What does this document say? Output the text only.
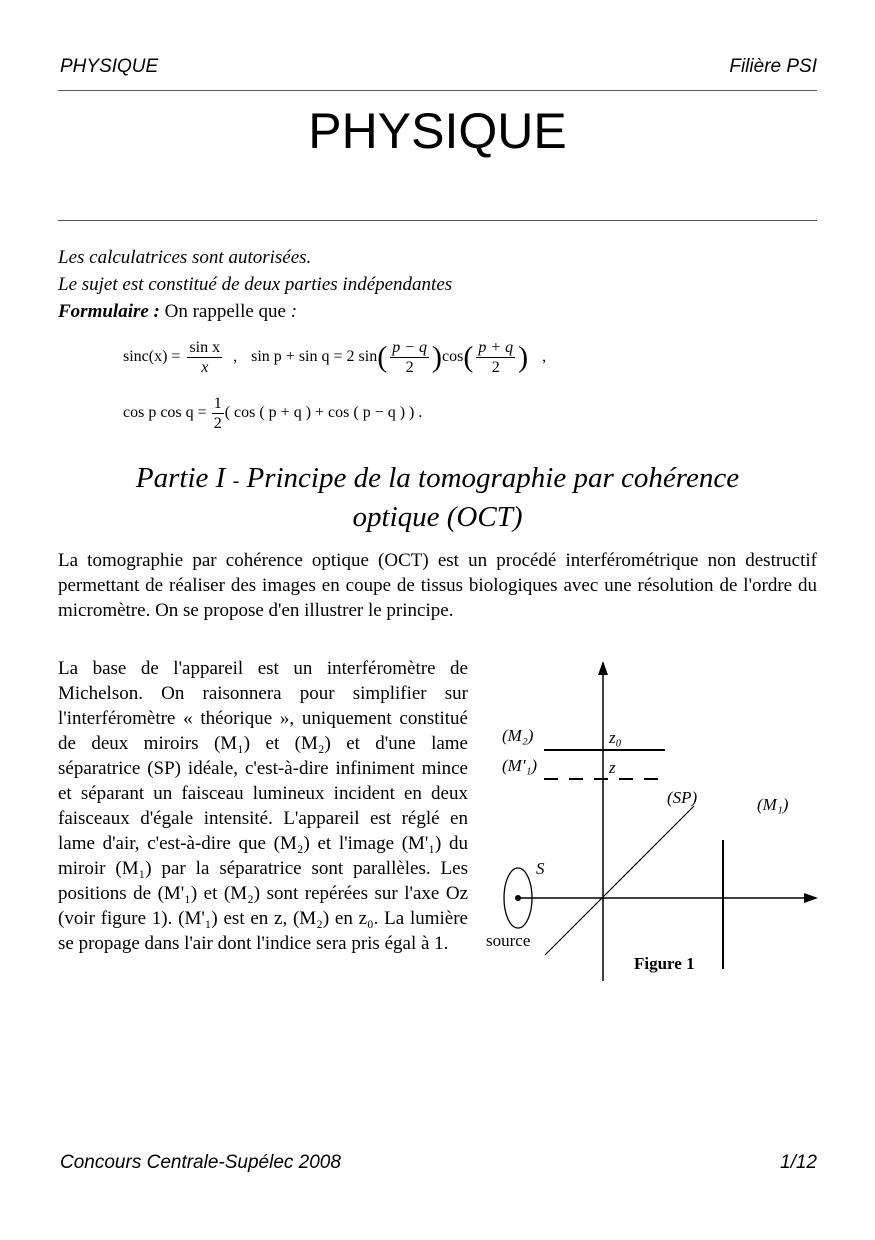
PHYSIQUE	Filière PSI
PHYSIQUE
Les calculatrices sont autorisées.
Le sujet est constitué de deux parties indépendantes
Formulaire : On rappelle que :
$\sin c(x) = \frac{\text{sin x}}{x}$ , sin p + sin q = 2 $\sin( \frac{p - q}{2} )\cos( \frac{p + q}{2}$ ) ,
cos p $\cos q = \frac{1}{2}$ ( cos ( p + q ) + cos ( p − q ) ) .
Partie I - Principe de la tomographie par cohérence
optique (OCT)
La tomographie par cohérence optique (OCT) est un procédé interférométrique non destructif permettant de réaliser des images en coupe de tissus biologiques avec une résolution de l'ordre du micromètre. On se propose d'en illustrer le principe.
La base de l'appareil est un interféromètre de Michelson. On raisonnera pour simplifier sur l'interféromètre « théorique », uniquement constitué de deux miroirs (M₁) et (M₂) et d'une lame séparatrice (SP) idéale, c'est-à-dire infiniment mince et séparant un faisceau lumineux incident en deux faisceaux d'égale intensité. L'appareil est réglé en lame d'air, c'est-à-dire que (M₂) et l'image (M'₁) du miroir (M₁) par la séparatrice sont parallèles. Les positions de (M'₁) et (M₂) sont repérées sur l'axe Oz (voir figure 1). (M'₁) est en z, (M₂) en z₀. La lumière se propage dans l'air dont l'indice sera pris égal à 1.
(M₂)	z₀
(M'₁)	z
(SP)	(M₁)
S
source
Figure 1
Concours Centrale-Supélec 2008	1/12
